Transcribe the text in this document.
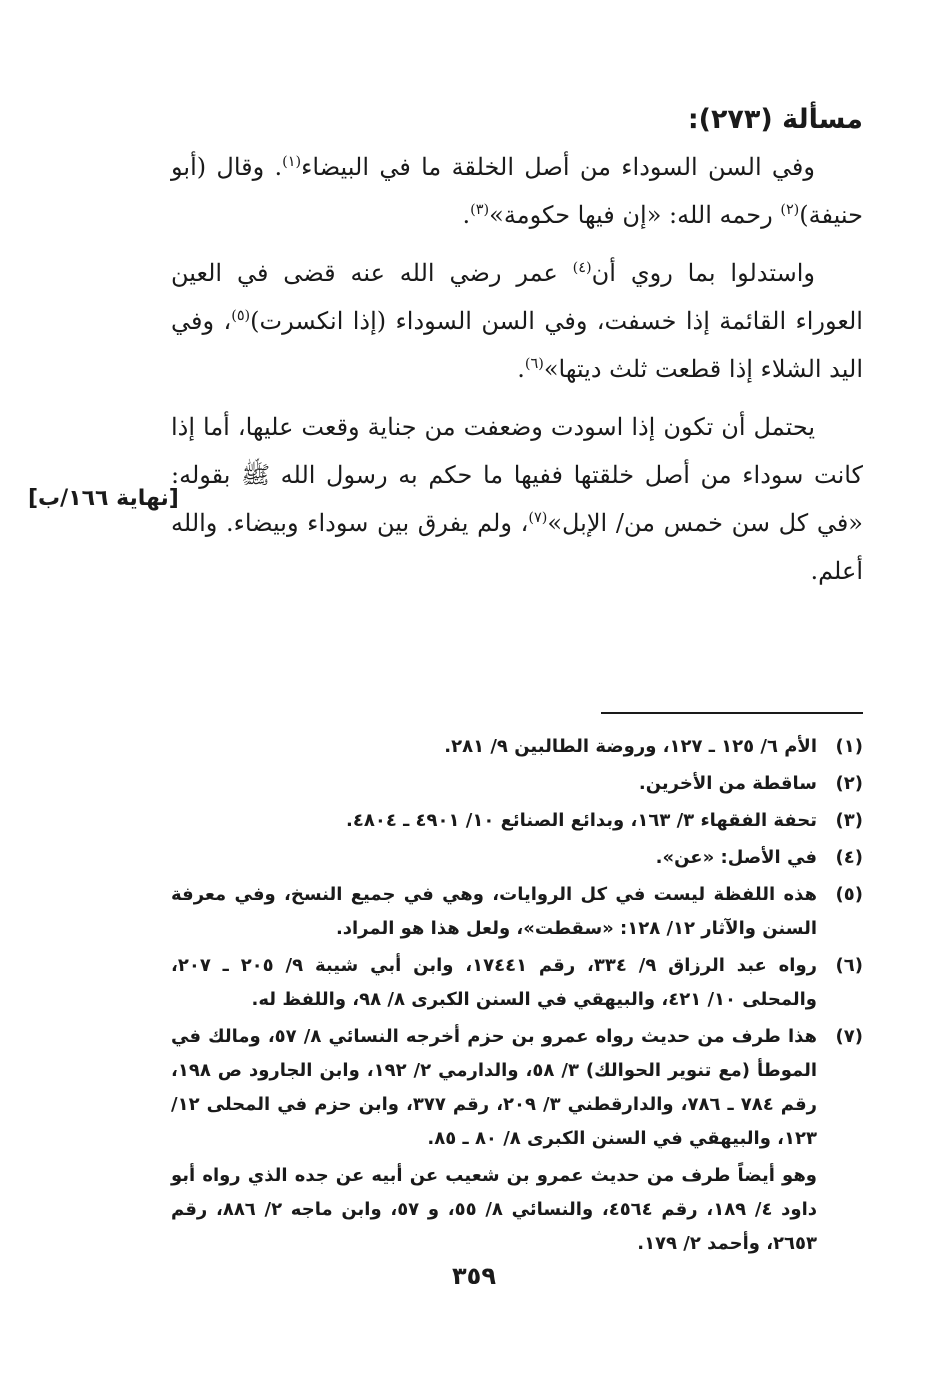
مسألة (٢٧٣):

وفي السن السوداء من أصل الخلقة ما في البيضاء$^{(١)}$. وقال (أبو حنيفة)$^{(٢)}$ رحمه الله: «إن فيها حكومة»$^{(٣)}$.

واستدلوا بما روي أن$^{(٤)}$ عمر رضي الله عنه قضى في العين العوراء القائمة إذا خسفت، وفي السن السوداء (إذا انكسرت)$^{(٥)}$، وفي اليد الشلاء إذا قطعت ثلث ديتها»$^{(٦)}$.

يحتمل أن تكون إذا اسودت وضعفت من جناية وقعت عليها، أما إذا كانت سوداء من أصل خلقتها ففيها ما حكم به رسول الله ﷺ بقوله: «في كل سن خمس من/ الإبل»$^{(٧)}$، ولم يفرق بين سوداء وبيضاء. والله أعلم.

[نهاية ١٦٦/ب]
(١)
الأم ٦/ ١٢٥ ـ ١٢٧، وروضة الطالبين ٩/ ٢٨١.
(٢)
ساقطة من الأخرين.
(٣)
تحفة الفقهاء ٣/ ١٦٣، وبدائع الصنائع ١٠/ ٤٩٠١ ـ ٤٨٠٤.
(٤)
في الأصل: «عن».
(٥)
هذه اللفظة ليست في كل الروايات، وهي في جميع النسخ، وفي معرفة السنن والآثار ١٢/ ١٢٨: «سقطت»، ولعل هذا هو المراد.
(٦)
رواه عبد الرزاق ٩/ ٣٣٤، رقم ١٧٤٤١، وابن أبي شيبة ٩/ ٢٠٥ ـ ٢٠٧، والمحلى ١٠/ ٤٢١، والبيهقي في السنن الكبرى ٨/ ٩٨، واللفظ له.
(٧)
هذا طرف من حديث رواه عمرو بن حزم أخرجه النسائي ٨/ ٥٧، ومالك في الموطأ (مع تنوير الحوالك) ٣/ ٥٨، والدارمي ٢/ ١٩٢، وابن الجارود ص ١٩٨، رقم ٧٨٤ ـ ٧٨٦، والدارقطني ٣/ ٢٠٩، رقم ٣٧٧، وابن حزم في المحلى ١٢/ ١٢٣، والبيهقي في السنن الكبرى ٨/ ٨٠ ـ ٨٥.
وهو أيضاً طرف من حديث عمرو بن شعيب عن أبيه عن جده الذي رواه أبو داود ٤/ ١٨٩، رقم ٤٥٦٤، والنسائي ٨/ ٥٥، و ٥٧، وابن ماجه ٢/ ٨٨٦، رقم ٢٦٥٣، وأحمد ٢/ ١٧٩.
٣٥٩
